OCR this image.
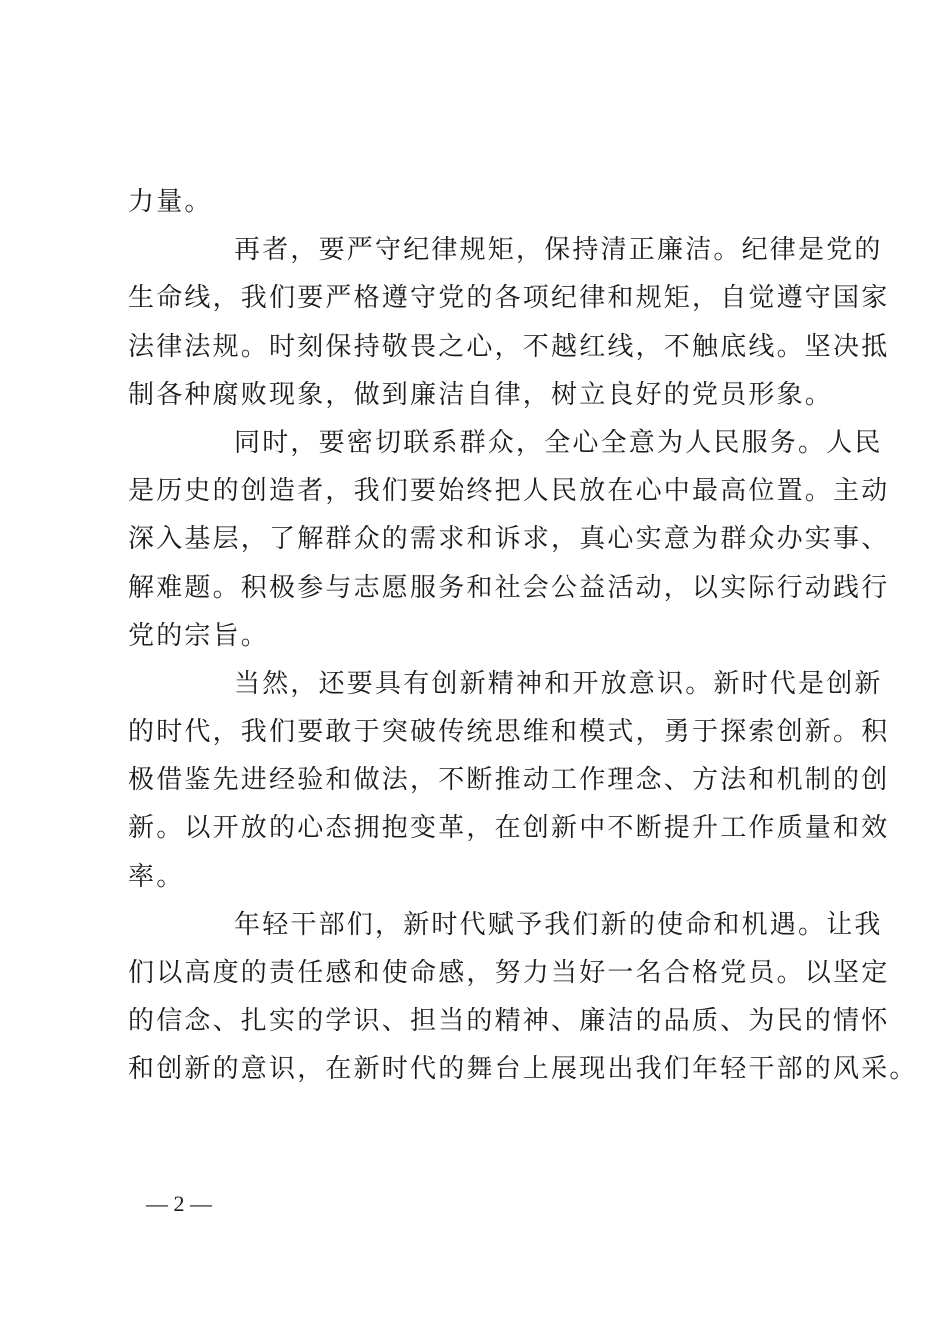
力量。
再者，要严守纪律规矩，保持清正廉洁。纪律是党的
生命线，我们要严格遵守党的各项纪律和规矩，自觉遵守国家
法律法规。时刻保持敬畏之心，不越红线，不触底线。坚决抵
制各种腐败现象，做到廉洁自律，树立良好的党员形象。
同时，要密切联系群众，全心全意为人民服务。人民
是历史的创造者，我们要始终把人民放在心中最高位置。主动
深入基层，了解群众的需求和诉求，真心实意为群众办实事、
解难题。积极参与志愿服务和社会公益活动，以实际行动践行
党的宗旨。
当然，还要具有创新精神和开放意识。新时代是创新
的时代，我们要敢于突破传统思维和模式，勇于探索创新。积
极借鉴先进经验和做法，不断推动工作理念、方法和机制的创
新。以开放的心态拥抱变革，在创新中不断提升工作质量和效
率。
年轻干部们，新时代赋予我们新的使命和机遇。让我
们以高度的责任感和使命感，努力当好一名合格党员。以坚定
的信念、扎实的学识、担当的精神、廉洁的品质、为民的情怀
和创新的意识，在新时代的舞台上展现出我们年轻干部的风采。
— 2 —
